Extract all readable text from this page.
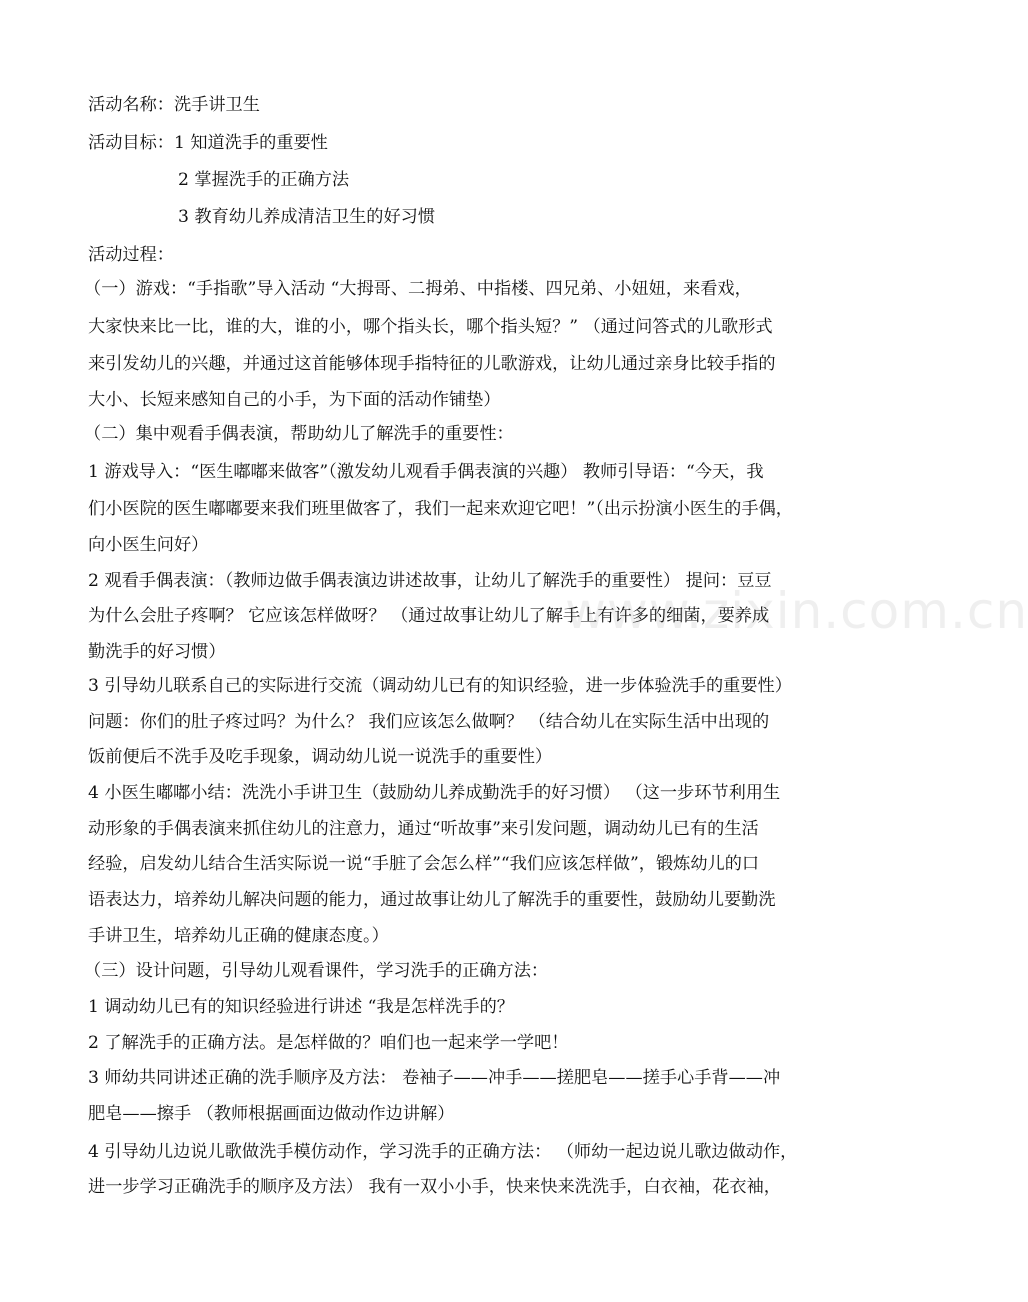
活动名称：洗手讲卫生
活动目标：1 知道洗手的重要性
2 掌握洗手的正确方法
3 教育幼儿养成清洁卫生的好习惯
活动过程：
（一）游戏：“手指歌”导入活动 “大拇哥、二拇弟、中指楼、四兄弟、小妞妞，来看戏，
大家快来比一比，谁的大，谁的小，哪个指头长，哪个指头短？” （通过问答式的儿歌形式
来引发幼儿的兴趣，并通过这首能够体现手指特征的儿歌游戏，让幼儿通过亲身比较手指的
大小、长短来感知自己的小手，为下面的活动作铺垫）
（二）集中观看手偶表演，帮助幼儿了解洗手的重要性：
1 游戏导入：“医生嘟嘟来做客”（激发幼儿观看手偶表演的兴趣） 教师引导语：“今天，我
们小医院的医生嘟嘟要来我们班里做客了，我们一起来欢迎它吧！”（出示扮演小医生的手偶，
向小医生问好）
2 观看手偶表演：（教师边做手偶表演边讲述故事，让幼儿了解洗手的重要性） 提问：豆豆
为什么会肚子疼啊？ 它应该怎样做呀？ （通过故事让幼儿了解手上有许多的细菌，要养成
勤洗手的好习惯）
3 引导幼儿联系自己的实际进行交流（调动幼儿已有的知识经验，进一步体验洗手的重要性）
问题：你们的肚子疼过吗？为什么？ 我们应该怎么做啊？ （结合幼儿在实际生活中出现的
饭前便后不洗手及吃手现象，调动幼儿说一说洗手的重要性）
4 小医生嘟嘟小结：洗洗小手讲卫生（鼓励幼儿养成勤洗手的好习惯） （这一步环节利用生
动形象的手偶表演来抓住幼儿的注意力，通过“听故事”来引发问题，调动幼儿已有的生活
经验，启发幼儿结合生活实际说一说“手脏了会怎么样”“我们应该怎样做”，锻炼幼儿的口
语表达力，培养幼儿解决问题的能力，通过故事让幼儿了解洗手的重要性，鼓励幼儿要勤洗
手讲卫生，培养幼儿正确的健康态度。）
（三）设计问题，引导幼儿观看课件，学习洗手的正确方法：
1 调动幼儿已有的知识经验进行讲述 “我是怎样洗手的？
2 了解洗手的正确方法。是怎样做的？咱们也一起来学一学吧！
3 师幼共同讲述正确的洗手顺序及方法： 卷袖子——冲手——搓肥皂——搓手心手背——冲
肥皂——擦手 （教师根据画面边做动作边讲解）
4 引导幼儿边说儿歌做洗手模仿动作，学习洗手的正确方法： （师幼一起边说儿歌边做动作，
进一步学习正确洗手的顺序及方法） 我有一双小小手，快来快来洗洗手，白衣袖，花衣袖，
www.zixin.com.cn
